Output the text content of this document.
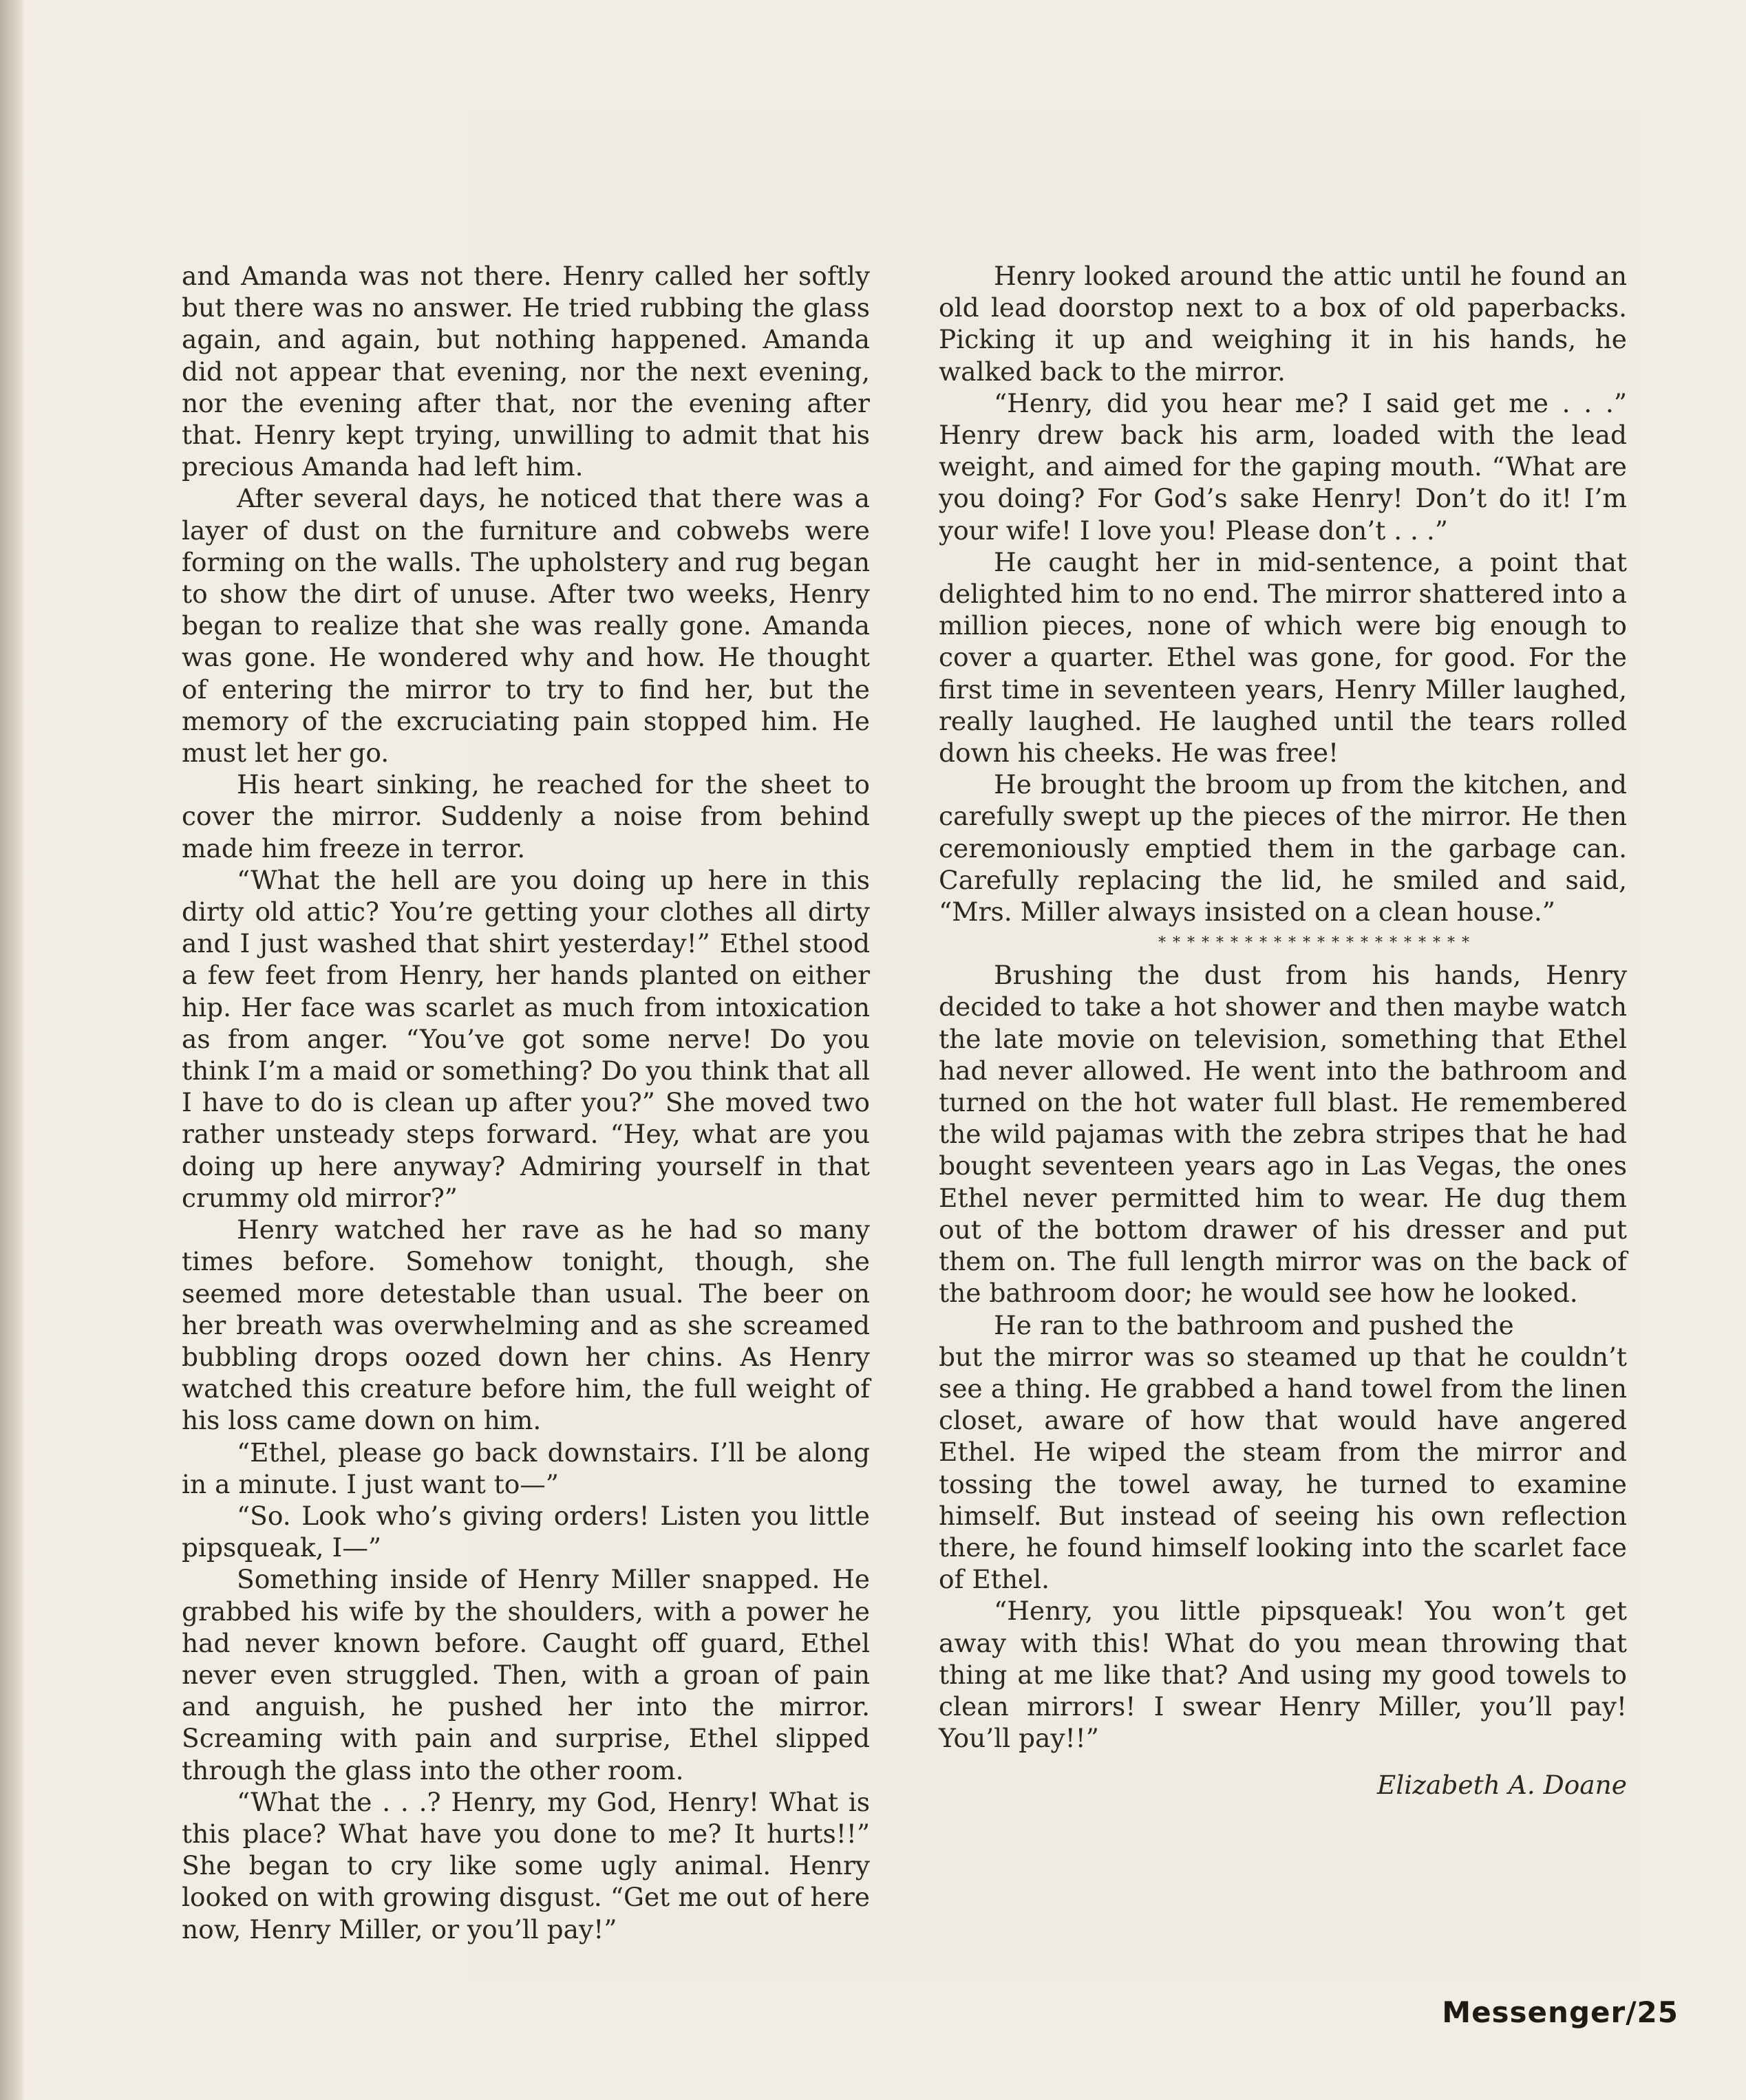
and Amanda was not there. Henry called her softly but there was no answer. He tried rubbing the glass again, and again, but nothing happened. Amanda did not appear that evening, nor the next evening, nor the evening after that, nor the evening after that. Henry kept trying, unwilling to admit that his precious Amanda had left him.

After several days, he noticed that there was a layer of dust on the furniture and cobwebs were forming on the walls. The upholstery and rug began to show the dirt of unuse. After two weeks, Henry began to realize that she was really gone. Amanda was gone. He wondered why and how. He thought of entering the mirror to try to find her, but the memory of the excruciating pain stopped him. He must let her go.

His heart sinking, he reached for the sheet to cover the mirror. Suddenly a noise from behind made him freeze in terror.

“What the hell are you doing up here in this dirty old attic? You’re getting your clothes all dirty and I just washed that shirt yesterday!” Ethel stood a few feet from Henry, her hands planted on either hip. Her face was scarlet as much from intoxication as from anger. “You’ve got some nerve! Do you think I’m a maid or something? Do you think that all I have to do is clean up after you?” She moved two rather unsteady steps forward. “Hey, what are you doing up here anyway? Admiring yourself in that crummy old mirror?”

Henry watched her rave as he had so many times before. Somehow tonight, though, she seemed more detestable than usual. The beer on her breath was overwhelming and as she screamed bubbling drops oozed down her chins. As Henry watched this creature before him, the full weight of his loss came down on him.

“Ethel, please go back downstairs. I’ll be along in a minute. I just want to—”

“So. Look who’s giving orders! Listen you little pipsqueak, I—”

Something inside of Henry Miller snapped. He grabbed his wife by the shoulders, with a power he had never known before. Caught off guard, Ethel never even struggled. Then, with a groan of pain and anguish, he pushed her into the mirror. Screaming with pain and surprise, Ethel slipped through the glass into the other room.

“What the . . .? Henry, my God, Henry! What is this place? What have you done to me? It hurts!!” She began to cry like some ugly animal. Henry looked on with growing disgust. “Get me out of here now, Henry Miller, or you’ll pay!”

Henry looked around the attic until he found an old lead doorstop next to a box of old paperbacks. Picking it up and weighing it in his hands, he walked back to the mirror.

“Henry, did you hear me? I said get me . . .” Henry drew back his arm, loaded with the lead weight, and aimed for the gaping mouth. “What are you doing? For God’s sake Henry! Don’t do it! I’m your wife! I love you! Please don’t . . .”

He caught her in mid-sentence, a point that delighted him to no end. The mirror shattered into a million pieces, none of which were big enough to cover a quarter. Ethel was gone, for good. For the first time in seventeen years, Henry Miller laughed, really laughed. He laughed until the tears rolled down his cheeks. He was free!

He brought the broom up from the kitchen, and carefully swept up the pieces of the mirror. He then ceremoniously emptied them in the garbage can. Carefully replacing the lid, he smiled and said, “Mrs. Miller always insisted on a clean house.”

**********************

Brushing the dust from his hands, Henry decided to take a hot shower and then maybe watch the late movie on television, something that Ethel had never allowed. He went into the bathroom and turned on the hot water full blast. He remembered the wild pajamas with the zebra stripes that he had bought seventeen years ago in Las Vegas, the ones Ethel never permitted him to wear. He dug them out of the bottom drawer of his dresser and put them on. The full length mirror was on the back of the bathroom door; he would see how he looked.

He ran to the bathroom and pushed the

but the mirror was so steamed up that he couldn’t see a thing. He grabbed a hand towel from the linen closet, aware of how that would have angered Ethel. He wiped the steam from the mirror and tossing the towel away, he turned to examine himself. But instead of seeing his own reflection there, he found himself looking into the scarlet face of Ethel.

“Henry, you little pipsqueak! You won’t get away with this! What do you mean throwing that thing at me like that? And using my good towels to clean mirrors! I swear Henry Miller, you’ll pay! You’ll pay!!”

Elizabeth A. Doane
Messenger/25
